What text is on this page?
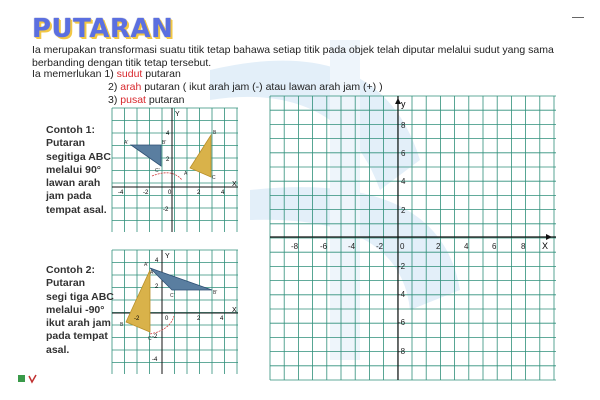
PUTARAN
Ia merupakan transformasi suatu titik tetap bahawa setiap titik pada objek telah diputar melalui sudut yang sama berbanding dengan titik tetap tersebut.
Ia memerlukan 1) sudut putaran
2) arah putaran ( ikut arah jam (-) atau lawan arah jam (+) )
3) pusat putaran
Contoh 1:
Putaran
segitiga ABC
melalui 90°
lawan arah
jam pada
tempat asal.
Contoh 2:
Putaran
segi tiga ABC
melalui -90°
ikut arah jam
pada tempat
asal.
X
Y
-4	-2	0	2	4
4
2
-2
A'	B'
C'	A
B
C
X
Y
-2	0	2	4
4
2
-2
-4
A'
B'
C'
A
B
C
X
y
-8	-6	-4	-2 0	2	4	6	8
8
6
4
2
-2
-4
-6
-8
